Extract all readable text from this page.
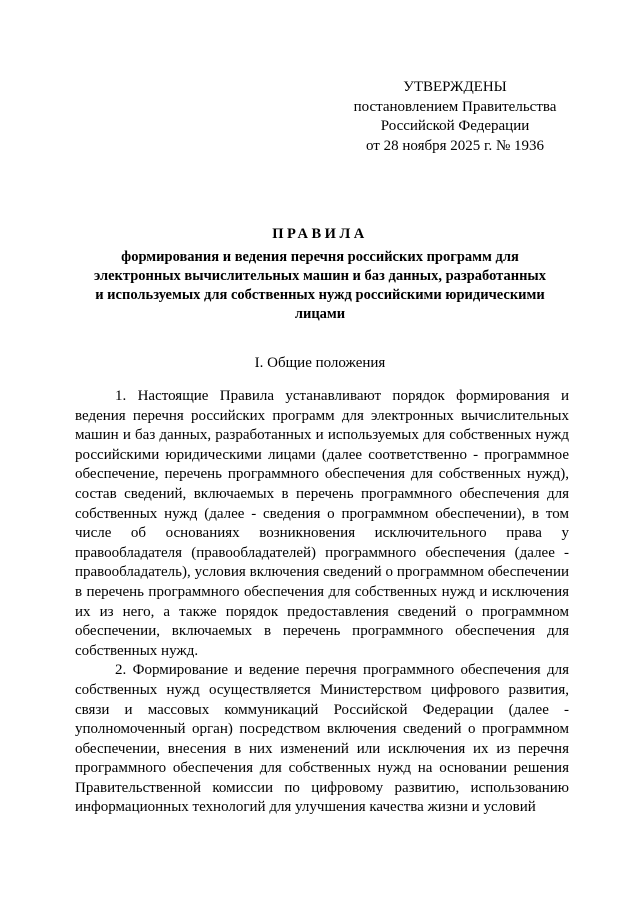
УТВЕРЖДЕНЫ
постановлением Правительства
Российской Федерации
от 28 ноября 2025 г. № 1936
ПРАВИЛА
формирования и ведения перечня российских программ для электронных вычислительных машин и баз данных, разработанных и используемых для собственных нужд российскими юридическими лицами
I. Общие положения

1. Настоящие Правила устанавливают порядок формирования и ведения перечня российских программ для электронных вычислительных машин и баз данных, разработанных и используемых для собственных нужд российскими юридическими лицами (далее соответственно - программное обеспечение, перечень программного обеспечения для собственных нужд), состав сведений, включаемых в перечень программного обеспечения для собственных нужд (далее - сведения о программном обеспечении), в том числе об основаниях возникновения исключительного права у правообладателя (правообладателей) программного обеспечения (далее - правообладатель), условия включения сведений о программном обеспечении в перечень программного обеспечения для собственных нужд и исключения их из него, а также порядок предоставления сведений о программном обеспечении, включаемых в перечень программного обеспечения для собственных нужд.

2. Формирование и ведение перечня программного обеспечения для собственных нужд осуществляется Министерством цифрового развития, связи и массовых коммуникаций Российской Федерации (далее - уполномоченный орган) посредством включения сведений о программном обеспечении, внесения в них изменений или исключения их из перечня программного обеспечения для собственных нужд на основании решения Правительственной комиссии по цифровому развитию, использованию информационных технологий для улучшения качества жизни и условий
